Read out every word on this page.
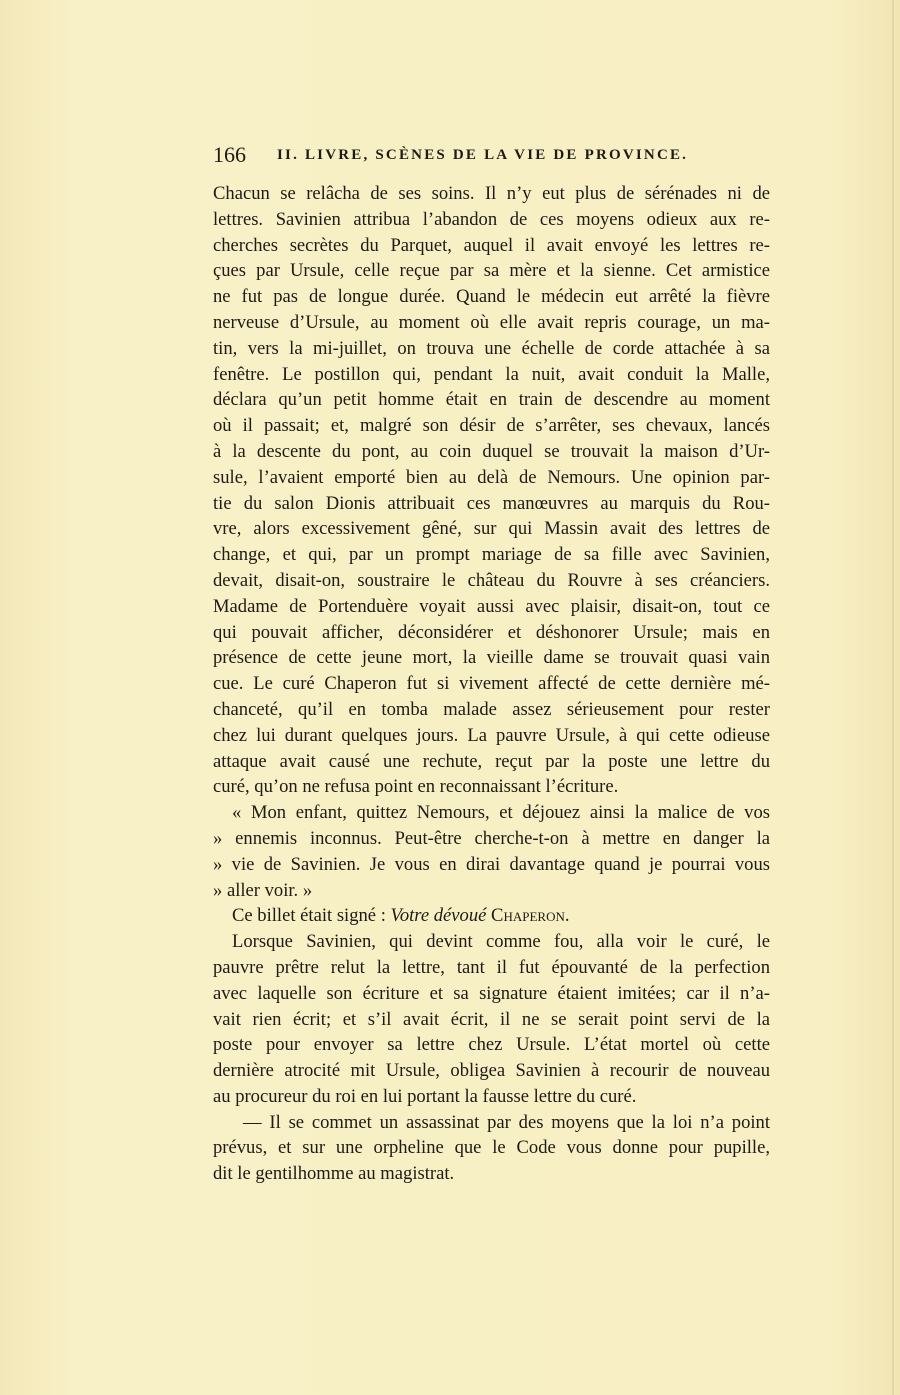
166 II. LIVRE, SCÈNES DE LA VIE DE PROVINCE.
Chacun se relâcha de ses soins. Il n’y eut plus de sérénades ni de
lettres. Savinien attribua l’abandon de ces moyens odieux aux re-
cherches secrètes du Parquet, auquel il avait envoyé les lettres re-
çues par Ursule, celle reçue par sa mère et la sienne. Cet armistice
ne fut pas de longue durée. Quand le médecin eut arrêté la fièvre
nerveuse d’Ursule, au moment où elle avait repris courage, un ma-
tin, vers la mi-juillet, on trouva une échelle de corde attachée à sa
fenêtre. Le postillon qui, pendant la nuit, avait conduit la Malle,
déclara qu’un petit homme était en train de descendre au moment
où il passait; et, malgré son désir de s’arrêter, ses chevaux, lancés
à la descente du pont, au coin duquel se trouvait la maison d’Ur-
sule, l’avaient emporté bien au delà de Nemours. Une opinion par-
tie du salon Dionis attribuait ces manœuvres au marquis du Rou-
vre, alors excessivement gêné, sur qui Massin avait des lettres de
change, et qui, par un prompt mariage de sa fille avec Savinien,
devait, disait-on, soustraire le château du Rouvre à ses créanciers.
Madame de Portenduère voyait aussi avec plaisir, disait-on, tout ce
qui pouvait afficher, déconsidérer et déshonorer Ursule; mais en
présence de cette jeune mort, la vieille dame se trouvait quasi vain
cue. Le curé Chaperon fut si vivement affecté de cette dernière mé-
chanceté, qu’il en tomba malade assez sérieusement pour rester
chez lui durant quelques jours. La pauvre Ursule, à qui cette odieuse
attaque avait causé une rechute, reçut par la poste une lettre du
curé, qu’on ne refusa point en reconnaissant l’écriture.
« Mon enfant, quittez Nemours, et déjouez ainsi la malice de vos
» ennemis inconnus. Peut-être cherche-t-on à mettre en danger la
» vie de Savinien. Je vous en dirai davantage quand je pourrai vous
» aller voir. »
Ce billet était signé : Votre dévoué Chaperon.
Lorsque Savinien, qui devint comme fou, alla voir le curé, le
pauvre prêtre relut la lettre, tant il fut épouvanté de la perfection
avec laquelle son écriture et sa signature étaient imitées; car il n’a-
vait rien écrit; et s’il avait écrit, il ne se serait point servi de la
poste pour envoyer sa lettre chez Ursule. L’état mortel où cette
dernière atrocité mit Ursule, obligea Savinien à recourir de nouveau
au procureur du roi en lui portant la fausse lettre du curé.
— Il se commet un assassinat par des moyens que la loi n’a point
prévus, et sur une orpheline que le Code vous donne pour pupille,
dit le gentilhomme au magistrat.
